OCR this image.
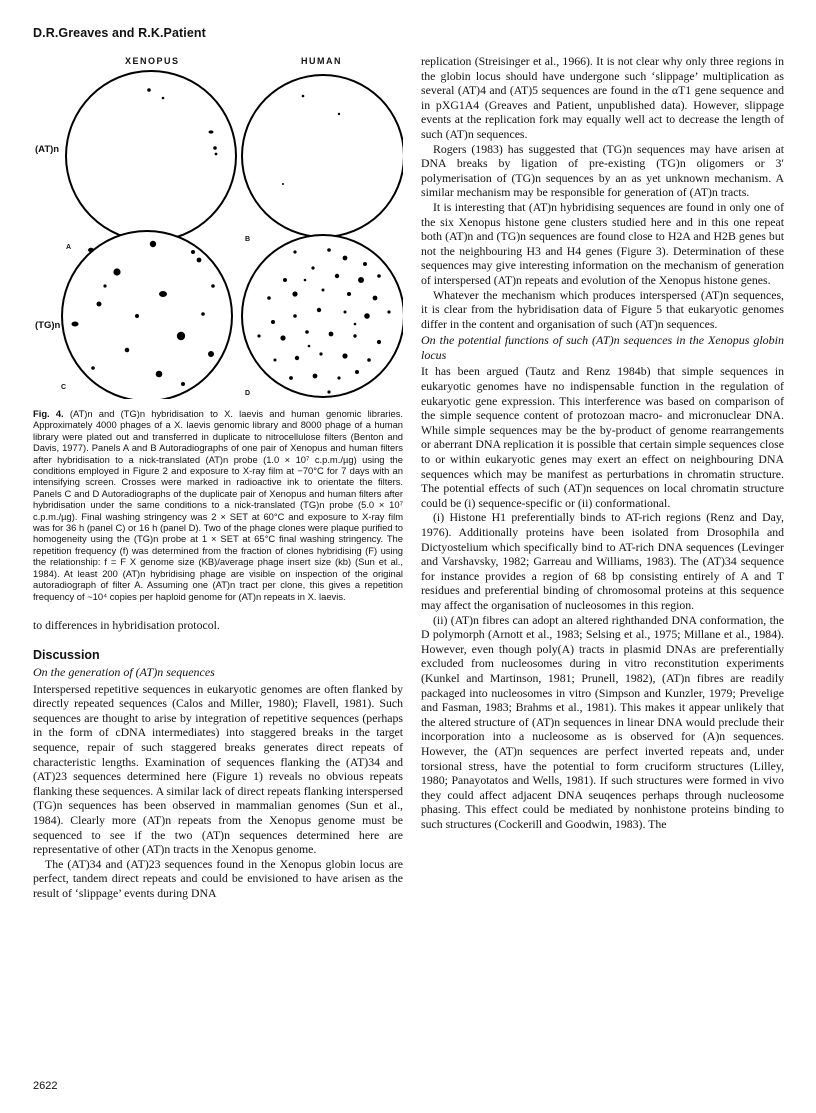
D.R.Greaves and R.K.Patient
XENOPUS	HUMAN
(AT)n
(TG)n
A
B
C
D
Fig. 4. (AT)n and (TG)n hybridisation to X. laevis and human genomic libraries. Approximately 4000 phages of a X. laevis genomic library and 8000 phage of a human library were plated out and transferred in duplicate to nitrocellulose filters (Benton and Davis, 1977). Panels A and B Autoradiographs of one pair of Xenopus and human filters after hybridisation to a nick-translated (AT)n probe (1.0 × 10⁷ c.p.m./µg) using the conditions employed in Figure 2 and exposure to X-ray film at −70°C for 7 days with an intensifying screen. Crosses were marked in radioactive ink to orientate the filters. Panels C and D Autoradiographs of the duplicate pair of Xenopus and human filters after hybridisation under the same conditions to a nick-translated (TG)n probe (5.0 × 10⁷ c.p.m./µg). Final washing stringency was 2 × SET at 60°C and exposure to X-ray film was for 36 h (panel C) or 16 h (panel D). Two of the phage clones were plaque purified to homogeneity using the (TG)n probe at 1 × SET at 65°C final washing stringency. The repetition frequency (f) was determined from the fraction of clones hybridising (F) using the relationship: f = F X genome size (KB)/average phage insert size (kb) (Sun et al., 1984). At least 200 (AT)n hybridising phage are visible on inspection of the original autoradiograph of filter A. Assuming one (AT)n tract per clone, this gives a repetition frequency of ~10⁴ copies per haploid genome for (AT)n repeats in X. laevis.

to differences in hybridisation protocol.

Discussion
On the generation of (AT)n sequences

Interspersed repetitive sequences in eukaryotic genomes are often flanked by directly repeated sequences (Calos and Miller, 1980); Flavell, 1981). Such sequences are thought to arise by integration of repetitive sequences (perhaps in the form of cDNA intermediates) into staggered breaks in the target sequence, repair of such staggered breaks generates direct repeats of characteristic lengths. Examination of sequences flanking the (AT)34 and (AT)23 sequences determined here (Figure 1) reveals no obvious repeats flanking these sequences. A similar lack of direct repeats flanking interspersed (TG)n sequences has been observed in mammalian genomes (Sun et al., 1984). Clearly more (AT)n repeats from the Xenopus genome must be sequenced to see if the two (AT)n sequences determined here are representative of other (AT)n tracts in the Xenopus genome.

The (AT)34 and (AT)23 sequences found in the Xenopus globin locus are perfect, tandem direct repeats and could be envisioned to have arisen as the result of ‘slippage’ events during DNA

replication (Streisinger et al., 1966). It is not clear why only three regions in the globin locus should have undergone such ‘slippage’ multiplication as several (AT)4 and (AT)5 sequences are found in the αT1 gene sequence and in pXG1A4 (Greaves and Patient, unpublished data). However, slippage events at the replication fork may equally well act to decrease the length of such (AT)n sequences.

Rogers (1983) has suggested that (TG)n sequences may have arisen at DNA breaks by ligation of pre-existing (TG)n oligomers or 3′ polymerisation of (TG)n sequences by an as yet unknown mechanism. A similar mechanism may be responsible for generation of (AT)n tracts.

It is interesting that (AT)n hybridising sequences are found in only one of the six Xenopus histone gene clusters studied here and in this one repeat both (AT)n and (TG)n sequences are found close to H2A and H2B genes but not the neighbouring H3 and H4 genes (Figure 3). Determination of these sequences may give interesting information on the mechanism of generation of interspersed (AT)n repeats and evolution of the Xenopus histone genes.

Whatever the mechanism which produces interspersed (AT)n sequences, it is clear from the hybridisation data of Figure 5 that eukaryotic genomes differ in the content and organisation of such (AT)n sequences.

On the potential functions of such (AT)n sequences in the Xenopus globin locus

It has been argued (Tautz and Renz 1984b) that simple sequences in eukaryotic genomes have no indispensable function in the regulation of eukaryotic gene expression. This interference was based on comparison of the simple sequence content of protozoan macro- and micronuclear DNA. While simple sequences may be the by-product of genome rearrangements or aberrant DNA replication it is possible that certain simple sequences close to or within eukaryotic genes may exert an effect on neighbouring DNA sequences which may be manifest as perturbations in chromatin structure. The potential effects of such (AT)n sequences on local chromatin structure could be (i) sequence-specific or (ii) conformational.

(i) Histone H1 preferentially binds to AT-rich regions (Renz and Day, 1976). Additionally proteins have been isolated from Drosophila and Dictyostelium which specifically bind to AT-rich DNA sequences (Levinger and Varshavsky, 1982; Garreau and Williams, 1983). The (AT)34 sequence for instance provides a region of 68 bp consisting entirely of A and T residues and preferential binding of chromosomal proteins at this sequence may affect the organisation of nucleosomes in this region.

(ii) (AT)n fibres can adopt an altered righthanded DNA conformation, the D polymorph (Arnott et al., 1983; Selsing et al., 1975; Millane et al., 1984). However, even though poly(A) tracts in plasmid DNAs are preferentially excluded from nucleosomes during in vitro reconstitution experiments (Kunkel and Martinson, 1981; Prunell, 1982), (AT)n fibres are readily packaged into nucleosomes in vitro (Simpson and Kunzler, 1979; Prevelige and Fasman, 1983; Brahms et al., 1981). This makes it appear unlikely that the altered structure of (AT)n sequences in linear DNA would preclude their incorporation into a nucleosome as is observed for (A)n sequences. However, the (AT)n sequences are perfect inverted repeats and, under torsional stress, have the potential to form cruciform structures (Lilley, 1980; Panayotatos and Wells, 1981). If such structures were formed in vivo they could affect adjacent DNA seuqences perhaps through nucleosome phasing. This effect could be mediated by nonhistone proteins binding to such structures (Cockerill and Goodwin, 1983). The

2622
